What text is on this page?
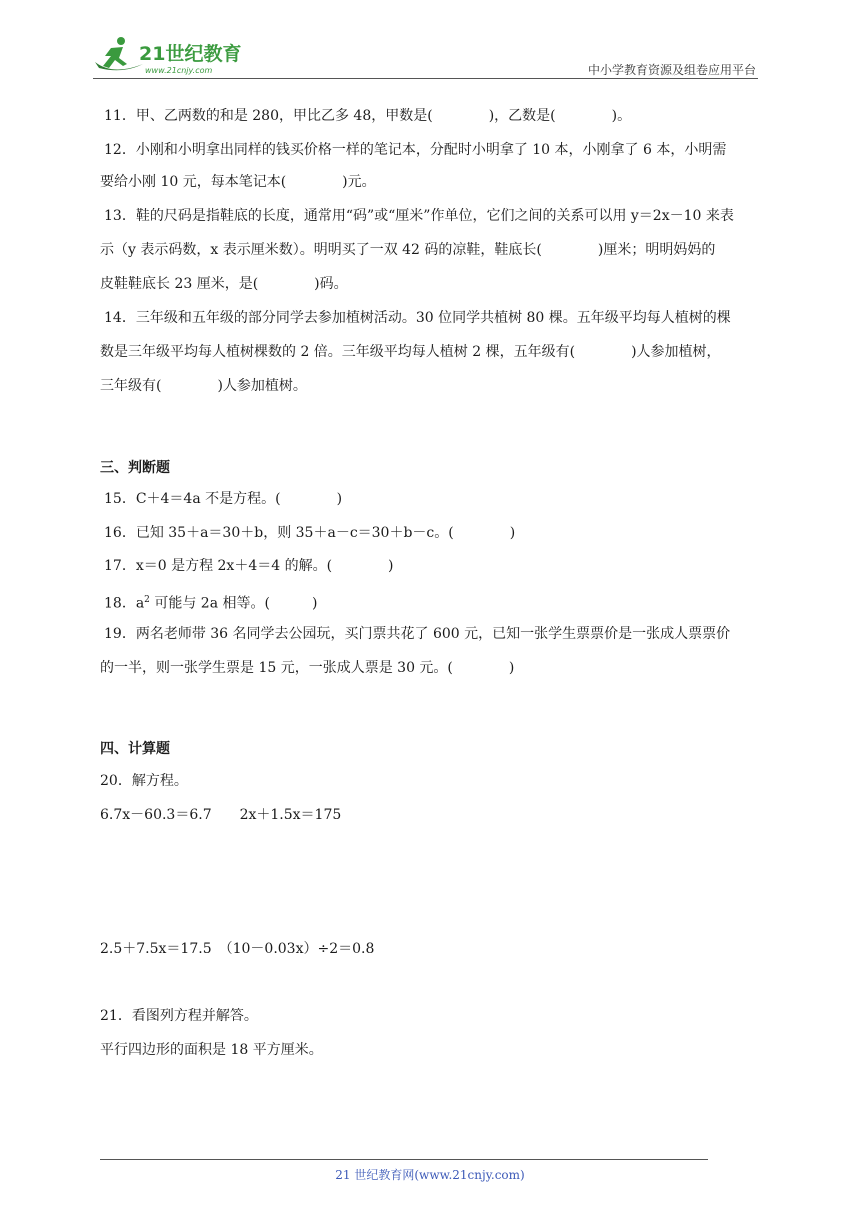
21世纪教育
www.21cnjy.com	中小学教育资源及组卷应用平台
11．甲、乙两数的和是 280，甲比乙多 48，甲数是(　　　　)，乙数是(　　　　)。
12．小刚和小明拿出同样的钱买价格一样的笔记本，分配时小明拿了 10 本，小刚拿了 6 本，小明需
要给小刚 10 元，每本笔记本(　　　　)元。
13．鞋的尺码是指鞋底的长度，通常用“码”或“厘米”作单位，它们之间的关系可以用 y＝2x－10 来表
示（y 表示码数，x 表示厘米数）。明明买了一双 42 码的凉鞋，鞋底长(　　　　)厘米；明明妈妈的
皮鞋鞋底长 23 厘米，是(　　　　)码。
14．三年级和五年级的部分同学去参加植树活动。30 位同学共植树 80 棵。五年级平均每人植树的棵
数是三年级平均每人植树棵数的 2 倍。三年级平均每人植树 2 棵，五年级有(　　　　)人参加植树，
三年级有(　　　　)人参加植树。
三、判断题
15．C＋4＝4a 不是方程。(　　　　)
16．已知 35＋a＝30＋b，则 35＋a－c＝30＋b－c。(　　　　)
17．x＝0 是方程 2x＋4＝4 的解。(　　　　)
18．$a^2$ 可能与 2a 相等。(　　　)
19．两名老师带 36 名同学去公园玩，买门票共花了 600 元，已知一张学生票票价是一张成人票票价
的一半，则一张学生票是 15 元，一张成人票是 30 元。(　　　　)
四、计算题
20．解方程。
6.7x－60.3＝6.7　　2x＋1.5x＝175
2.5＋7.5x＝17.5　（10－0.03x）÷2＝0.8
21．看图列方程并解答。
平行四边形的面积是 18 平方厘米。
21 世纪教育网(www.21cnjy.com)
